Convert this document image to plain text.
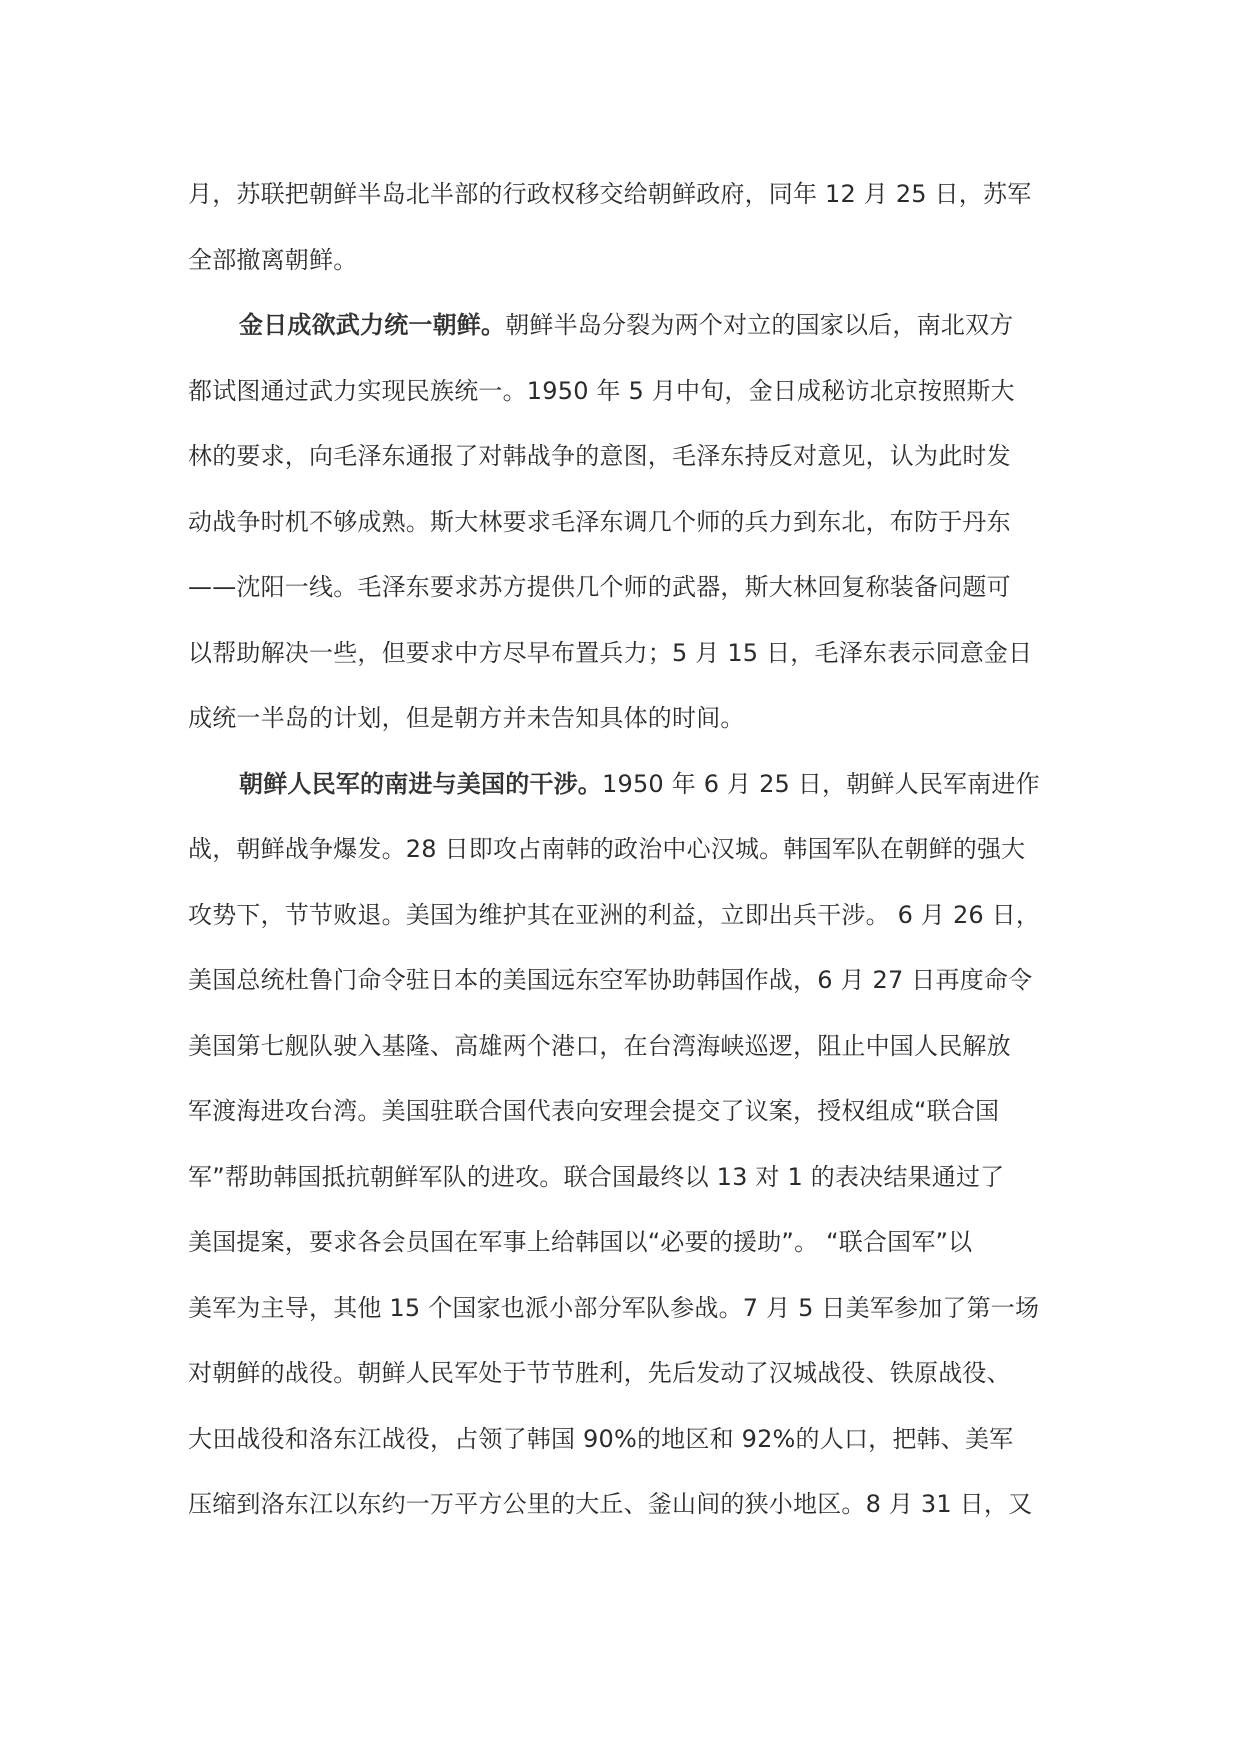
月，苏联把朝鲜半岛北半部的行政权移交给朝鲜政府，同年 12 月 25 日，苏军
全部撤离朝鲜。
金日成欲武力统一朝鲜。朝鲜半岛分裂为两个对立的国家以后，南北双方
都试图通过武力实现民族统一。1950 年 5 月中旬，金日成秘访北京按照斯大
林的要求，向毛泽东通报了对韩战争的意图，毛泽东持反对意见，认为此时发
动战争时机不够成熟。斯大林要求毛泽东调几个师的兵力到东北，布防于丹东
——沈阳一线。毛泽东要求苏方提供几个师的武器，斯大林回复称装备问题可
以帮助解决一些，但要求中方尽早布置兵力；5 月 15 日，毛泽东表示同意金日
成统一半岛的计划，但是朝方并未告知具体的时间。
朝鲜人民军的南进与美国的干涉。1950 年 6 月 25 日，朝鲜人民军南进作
战，朝鲜战争爆发。28 日即攻占南韩的政治中心汉城。韩国军队在朝鲜的强大
攻势下，节节败退。美国为维护其在亚洲的利益，立即出兵干涉。 6 月 26 日，
美国总统杜鲁门命令驻日本的美国远东空军协助韩国作战，6 月 27 日再度命令
美国第七舰队驶入基隆、高雄两个港口，在台湾海峡巡逻，阻止中国人民解放
军渡海进攻台湾。美国驻联合国代表向安理会提交了议案，授权组成“联合国
军”帮助韩国抵抗朝鲜军队的进攻。联合国最终以 13 对 1 的表决结果通过了
美国提案，要求各会员国在军事上给韩国以“必要的援助”。 “联合国军”以
美军为主导，其他 15 个国家也派小部分军队参战。7 月 5 日美军参加了第一场
对朝鲜的战役。朝鲜人民军处于节节胜利，先后发动了汉城战役、铁原战役、
大田战役和洛东江战役，占领了韩国 90%的地区和 92%的人口，把韩、美军
压缩到洛东江以东约一万平方公里的大丘、釜山间的狭小地区。8 月 31 日，又
